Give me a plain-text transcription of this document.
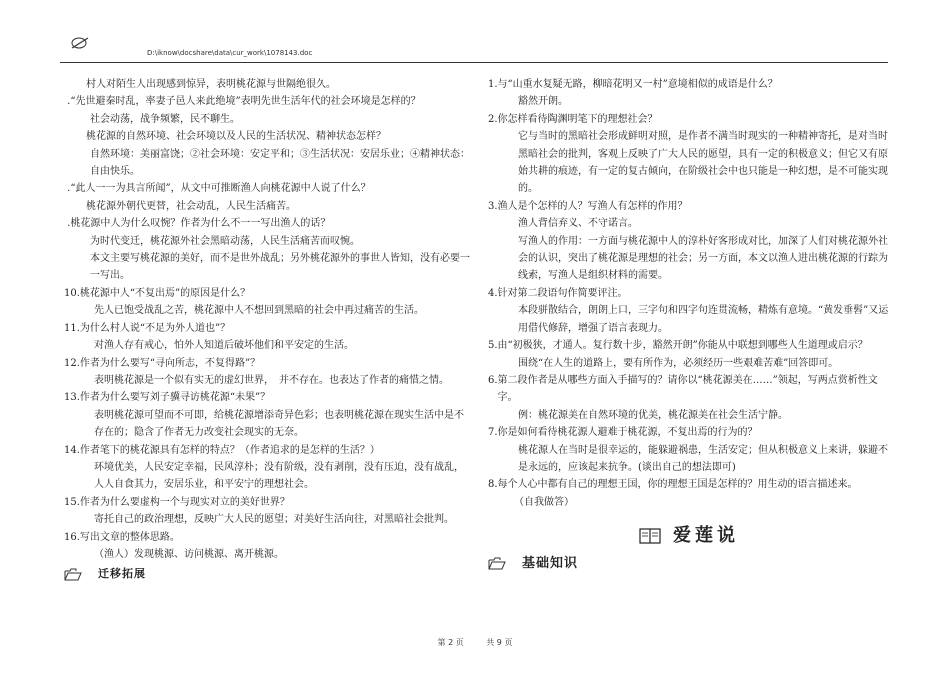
D:\iknow\docshare\data\cur_work\1078143.doc
村人对陌生人出现感到惊异，表明桃花源与世隔绝很久。
. “先世避秦时乱，率妻子邑人来此绝境”表明先世生活年代的社会环境是怎样的？
社会动荡，战争频繁，民不聊生。
桃花源的自然环境、社会环境以及人民的生活状况、精神状态怎样？
自然环境：美丽富饶；②社会环境：安定平和；③生活状况：安居乐业；④精神状态：自由快乐。
. “此人一一为具言所闻”，从文中可推断渔人向桃花源中人说了什么？
桃花源外朝代更替，社会动乱，人民生活痛苦。
. 桃花源中人为什么叹惋？作者为什么不一一写出渔人的话？
为时代变迁，桃花源外社会黑暗动荡，人民生活痛苦而叹惋。
本文主要写桃花源的美好，而不是世外战乱；另外桃花源外的事世人皆知，没有必要一一写出。
10. 桃花源中人“不复出焉”的原因是什么？
先人已饱受战乱之苦，桃花源中人不想回到黑暗的社会中再过痛苦的生活。
11. 为什么村人说“不足为外人道也”？
对渔人存有戒心，怕外人知道后破坏他们和平安定的生活。
12. 作者为什么要写“寻向所志，不复得路”？
表明桃花源是一个似有实无的虚幻世界，　并不存在。也表达了作者的痛惜之情。
13. 作者为什么要写刘子骥寻访桃花源“未果”？
表明桃花源可望而不可即，给桃花源增添奇异色彩；也表明桃花源在现实生活中是不存在的；隐含了作者无力改变社会现实的无奈。
14. 作者笔下的桃花源具有怎样的特点？（作者追求的是怎样的生活？）
环境优美，人民安定幸福，民风淳朴；没有阶级，没有剥削，没有压迫，没有战乱，人人自食其力，安居乐业，和平安宁的理想社会。
15. 作者为什么要虚构一个与现实对立的美好世界？
寄托自己的政治理想，反映广大人民的愿望；对美好生活向往，对黑暗社会批判。
16. 写出文章的整体思路。
（渔人）发现桃源、访问桃源、离开桃源。
迁移拓展
1. 与“山重水复疑无路，柳暗花明又一村”意境相似的成语是什么？
豁然开朗。
2. 你怎样看待陶渊明笔下的理想社会？
它与当时的黑暗社会形成鲜明对照，是作者不满当时现实的一种精神寄托，是对当时黑暗社会的批判，客观上反映了广大人民的愿望，具有一定的积极意义；但它又有原始共耕的痕迹，有一定的复古倾向，在阶级社会中也只能是一种幻想，是不可能实现的。
3. 渔人是个怎样的人？写渔人有怎样的作用？
渔人背信弃义、不守诺言。
写渔人的作用：一方面与桃花源中人的淳朴好客形成对比，加深了人们对桃花源外社会的认识，突出了桃花源是理想的社会；另一方面，本文以渔人进出桃花源的行踪为线索，写渔人是组织材料的需要。
4. 针对第二段语句作简要评注。
本段骈散结合，朗朗上口，三字句和四字句连贯流畅，精炼有意境。“黄发垂髫”又运用借代修辞，增强了语言表现力。
5. 由“初极狭，才通人。复行数十步，豁然开朗”你能从中联想到哪些人生道理或启示？
围绕“在人生的道路上，要有所作为，必须经历一些艰难苦难”回答即可。
6. 第二段作者是从哪些方面入手描写的？请你以“桃花源美在……”领起，写两点赏析性文字。
例：桃花源美在自然环境的优美，桃花源美在社会生活宁静。
7. 你是如何看待桃花源人避难于桃花源，不复出焉的行为的？
桃花源人在当时是很幸运的，能躲避祸患，生活安定；但从积极意义上来讲，躲避不是永远的，应该起来抗争。(谈出自己的想法即可)
8. 每个人心中都有自己的理想王国，你的理想王国是怎样的？用生动的语言描述来。
（自我做答）
爱莲说
基础知识
第 2 页	共 9 页
